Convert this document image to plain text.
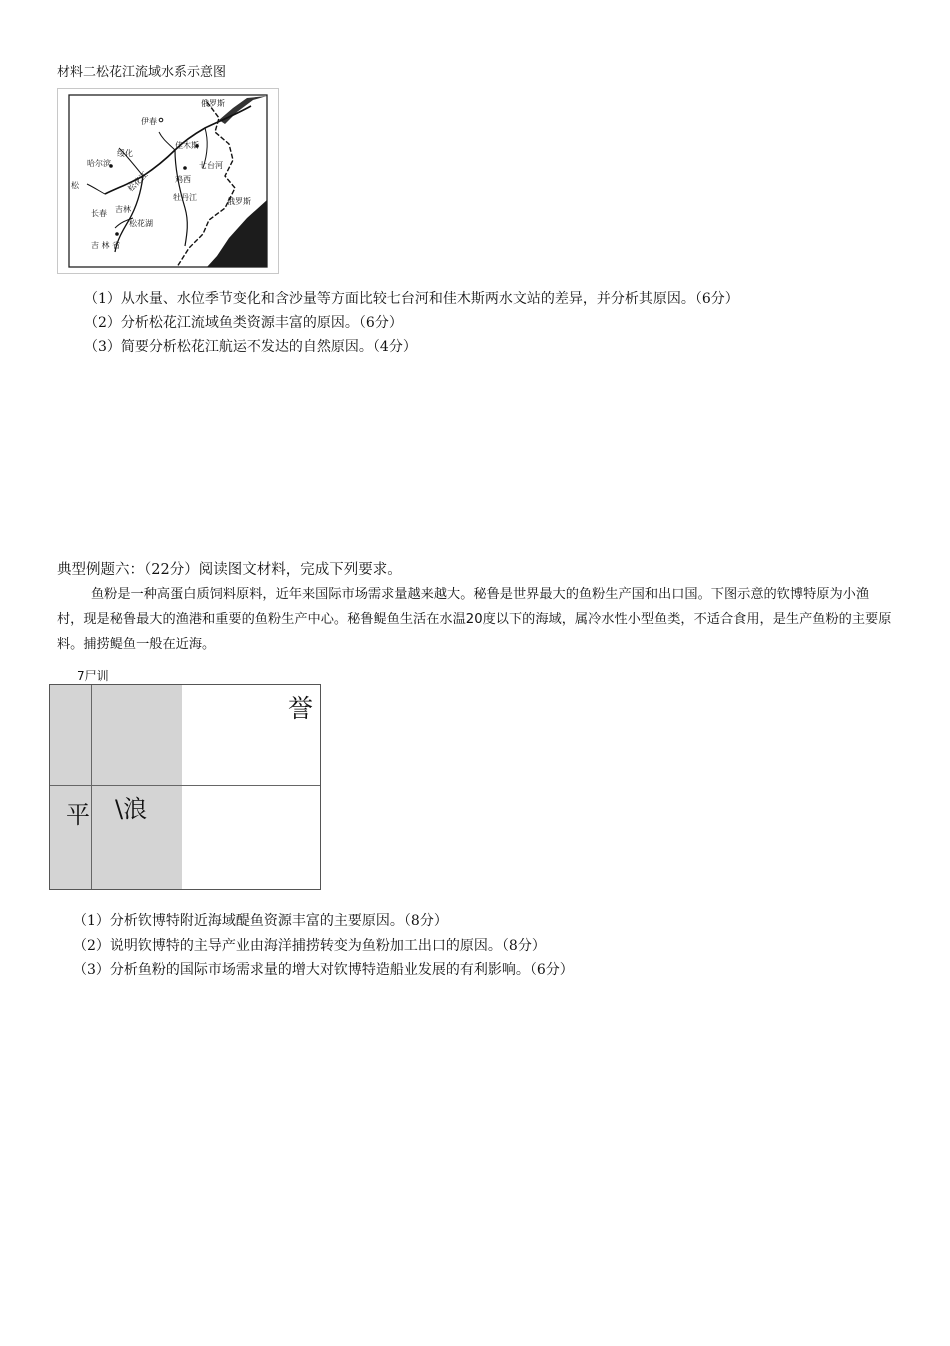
材料二松花江流域水系示意图
俄罗斯
伊春
绥化
佳木斯
哈尔滨	七台河
鸡西
牡丹江
松花江
松
吉林
长春
松花湖
俄罗斯
吉 林 省
（1）从水量、水位季节变化和含沙量等方面比较七台河和佳木斯两水文站的差异，并分析其原因。（6分）
（2）分析松花江流域鱼类资源丰富的原因。（6分）
（3）简要分析松花江航运不发达的自然原因。（4分）
典型例题六：（22分）阅读图文材料，完成下列要求。
鱼粉是一种高蛋白质饲料原料，近年来国际市场需求量越来越大。秘鲁是世界最大的鱼粉生产国和出口国。下图示意的钦博特原为小渔村，现是秘鲁最大的渔港和重要的鱼粉生产中心。秘鲁鳀鱼生活在水温20度以下的海域，属冷水性小型鱼类，不适合食用，是生产鱼粉的主要原料。捕捞鳀鱼一般在近海。
7尸训
誉
平 \浪
（1）分析钦博特附近海域醍鱼资源丰富的主要原因。（8分）
（2）说明钦博特的主导产业由海洋捕捞转变为鱼粉加工出口的原因。（8分）
（3）分析鱼粉的国际市场需求量的增大对钦博特造船业发展的有利影响。（6分）
